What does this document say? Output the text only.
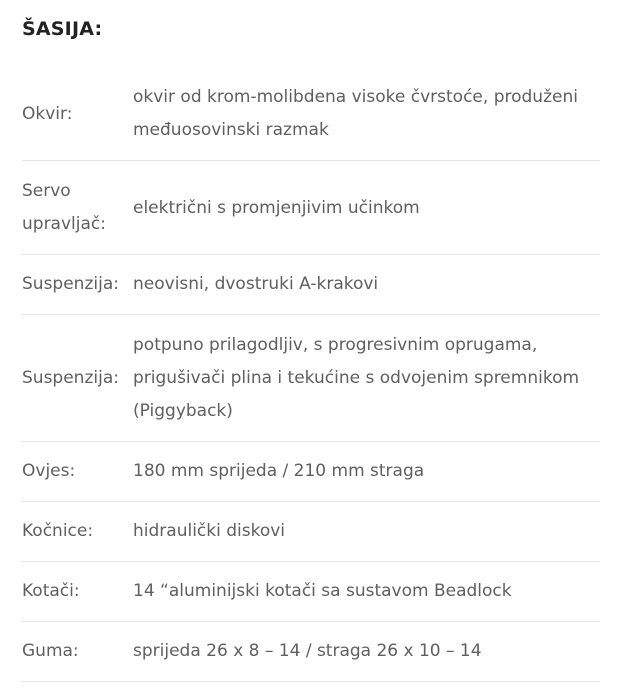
ŠASIJA:
Okvir:	okvir od krom-molibdena visoke čvrstoće, produženi međuosovinski razmak
Servo upravljač:	električni s promjenjivim učinkom
Suspenzija:	neovisni, dvostruki A-krakovi
Suspenzija:	potpuno prilagodljiv, s progresivnim oprugama, prigušivači plina i tekućine s odvojenim spremnikom (Piggyback)
Ovjes:	180 mm sprijeda / 210 mm straga
Kočnice:	hidraulički diskovi
Kotači:	14 “aluminijski kotači sa sustavom Beadlock
Guma:	sprijeda 26 x 8 – 14 / straga 26 x 10 – 14
